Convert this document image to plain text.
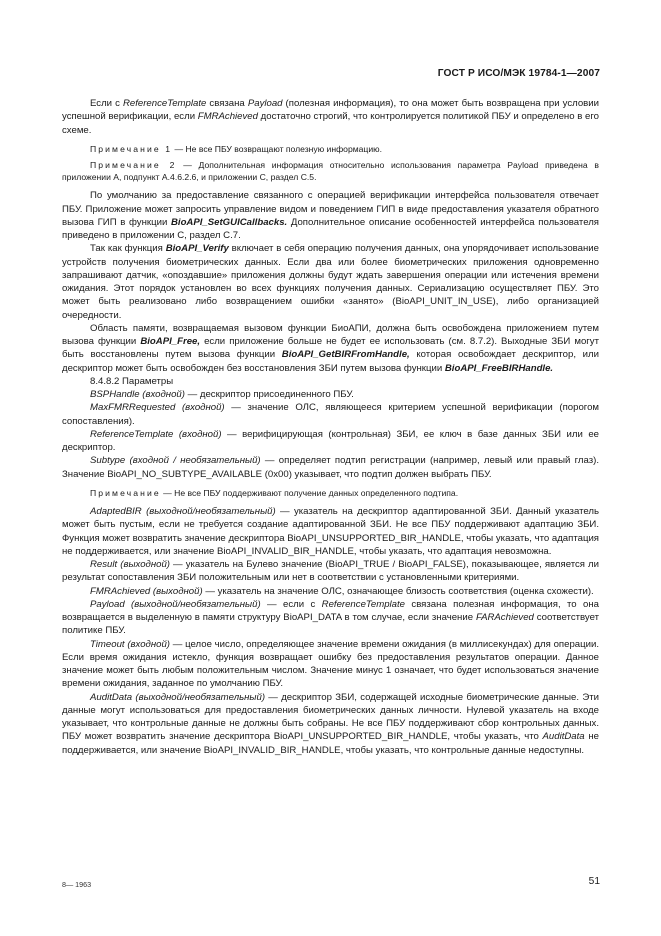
ГОСТ Р ИСО/МЭК 19784-1—2007

Если с ReferenceTemplate связана Payload (полезная информация), то она может быть возвращена при условии успешной верификации, если FMRAchieved достаточно строгий, что контролируется политикой ПБУ и определено в его схеме.

Примечание 1 — Не все ПБУ возвращают полезную информацию.

Примечание 2 — Дополнительная информация относительно использования параметра Payload приведена в приложении А, подпункт А.4.6.2.6, и приложении С, раздел С.5.

По умолчанию за предоставление связанного с операцией верификации интерфейса пользователя отвечает ПБУ. Приложение может запросить управление видом и поведением ГИП в виде предоставления указателя обратного вызова ГИП в функции BioAPI_SetGUICallbacks. Дополнительное описание особенностей интерфейса пользователя приведено в приложении С, раздел С.7.

Так как функция BioAPI_Verify включает в себя операцию получения данных, она упорядочивает использование устройств получения биометрических данных. Если два или более биометрических приложения одновременно запрашивают датчик, «опоздавшие» приложения должны будут ждать завершения операции или истечения времени ожидания. Этот порядок установлен во всех функциях получения данных. Сериализацию осуществляет ПБУ. Это может быть реализовано либо возвращением ошибки «занято» (BioAPI_UNIT_IN_USE), либо организацией очередности.

Область памяти, возвращаемая вызовом функции БиоАПИ, должна быть освобождена приложением путем вызова функции BioAPI_Free, если приложение больше не будет ее использовать (см. 8.7.2). Выходные ЗБИ могут быть восстановлены путем вызова функции BioAPI_GetBIRFromHandle, которая освобождает дескриптор, или дескриптор может быть освобожден без восстановления ЗБИ путем вызова функции BioAPI_FreeBIRHandle.

8.4.8.2 Параметры

BSPHandle (входной) — дескриптор присоединенного ПБУ.

MaxFMRRequested (входной) — значение ОЛС, являющееся критерием успешной верификации (порогом сопоставления).

ReferenceTemplate (входной) — верифицирующая (контрольная) ЗБИ, ее ключ в базе данных ЗБИ или ее дескриптор.

Subtype (входной / необязательный) — определяет подтип регистрации (например, левый или правый глаз). Значение BioAPI_NO_SUBTYPE_AVAILABLE (0x00) указывает, что подтип должен выбрать ПБУ.

Примечание — Не все ПБУ поддерживают получение данных определенного подтипа.

AdaptedBIR (выходной/необязательный) — указатель на дескриптор адаптированной ЗБИ. Данный указатель может быть пустым, если не требуется создание адаптированной ЗБИ. Не все ПБУ поддерживают адаптацию ЗБИ. Функция может возвратить значение дескриптора BioAPI_UNSUPPORTED_BIR_HANDLE, чтобы указать, что адаптация не поддерживается, или значение BioAPI_INVALID_BIR_HANDLE, чтобы указать, что адаптация невозможна.

Result (выходной) — указатель на Булево значение (BioAPI_TRUE / BioAPI_FALSE), показывающее, является ли результат сопоставления ЗБИ положительным или нет в соответствии с установленными критериями.

FMRAchieved (выходной) — указатель на значение ОЛС, означающее близость соответствия (оценка схожести).

Payload (выходной/необязательный) — если с ReferenceTemplate связана полезная информация, то она возвращается в выделенную в памяти структуру BioAPI_DATA в том случае, если значение FARAchieved соответствует политике ПБУ.

Timeout (входной) — целое число, определяющее значение времени ожидания (в миллисекундах) для операции. Если время ожидания истекло, функция возвращает ошибку без предоставления результатов операции. Данное значение может быть любым положительным числом. Значение минус 1 означает, что будет использоваться значение времени ожидания, заданное по умолчанию ПБУ.

AuditData (выходной/необязательный) — дескриптор ЗБИ, содержащей исходные биометрические данные. Эти данные могут использоваться для предоставления биометрических данных личности. Нулевой указатель на входе указывает, что контрольные данные не должны быть собраны. Не все ПБУ поддерживают сбор контрольных данных. ПБУ может возвратить значение дескриптора BioAPI_UNSUPPORTED_BIR_HANDLE, чтобы указать, что AuditData не поддерживается, или значение BioAPI_INVALID_BIR_HANDLE, чтобы указать, что контрольные данные недоступны.

8— 1963	51
